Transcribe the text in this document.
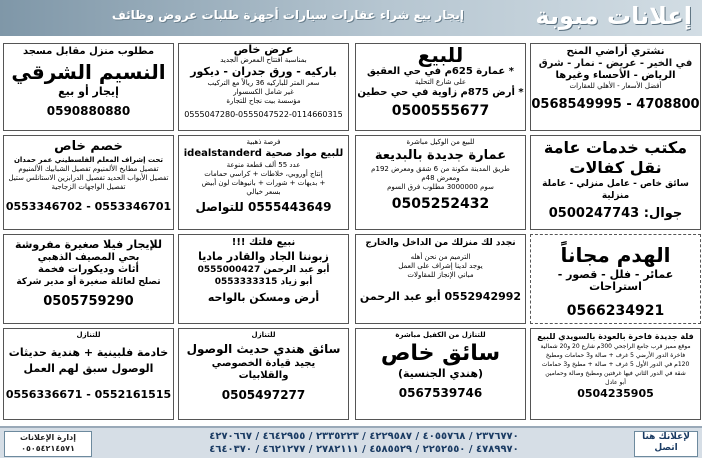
إعلانات مبوبة
إيجار بيع شراء عقارات سيارات أجهزة طلبات عروض وظائف

نشتري أراضي المنح

في الخير - عريض - نمار - شرق

الرياض - الأحساء وغيرها

أفضل الأسعار - الأهلي للعقارات

0568549995 - 4708800

للبيع

* عمارة 625م في حي العقيق

على شارع التحلية

* أرض 875م زاوية في حي حطين

0500555677

عرض خاص

بمناسبة افتتاح المعرض الجديد

باركيه - ورق جدران - ديكور

سعر المتر للباركيه 36 ريالاً مع التركيب

غير شامل الكسسوار

مؤسسة بيت نجاح للتجارة

0555047280-0555047522-0114660315

مطلوب منزل مقابل مسجد

النسيم الشرقي

إيجار أو بيع

0590880880

مكتب خدمات عامة

نقل كفالات

سائق خاص - عامل منزلي - عاملة منزلية

جوال: 0500247743

للبيع من الوكيل مباشرة

عمارة جديدة بالبديعة

طريق المدينة مكونة من 6 شقق ومعرض 192م

ومعرض 48م

سوم 3000000 مطلوب فرق السوم

0505252432

فرصة ذهبية

للبيع مواد صحية idealstanderd

عدد 55 ألف قطعة منوعة

إنتاج أوروبي، خلاطات + كراسي حمامات

+ بديهات + شورات + بانيوهات لون أبيض

بسعر خيالي

0555443649 للتواصل

خصم خاص

تحت إشراف المعلم الفلسطيني عمر حمدان

تفصيل مطابخ الألمنيوم تفصيل الشبابيك الألمنيوم

تفصيل الأبواب الحديد تفصيل الدرابزين الاستانلس ستيل

تفصيل الواجهات الزجاجية

0553346702 - 0553346701

الهدم مجاناً

عمائر - فلل - قصور - استراحات

0566234921

نجدد لك منزلك من الداخل والخارج

الترميم من نحن أهله

يوجد لدينا إشراف على العمل

مباني الإنجاز للمقاولات

0552942992 أبو عبد الرحمن

نبيع فلتك !!!

زبوننا الجاد والقادر ماديا

أبو عبد الرحمن 0555000427

أبو زياد 0553333315

أرض ومسكن بالواحه

للإيجار فيلا صغيرة مفروشة

بحي المصيف الذهبي

أثاث وديكورات فخمة

تصلح لعائلة صغيرة أو مدير شركة

0505759290

فلة جديدة فاخرة بالعودة بالسويدي للبيع

موقع مميز قرب جامع الراجحي 300م شارع 20 و20 شمالية

فاخرة الدور الأرضي 5 غرف + صالة و3 حمامات ومطبخ

120م في الدور الأول 5 غرف + صالة + مطبخ و3 حمامات

شقة في الدور الثاني فيها غرفتين ومطبخ وصالة وحمامين

أبو عادل

0504235905

للتنازل من الكفيل مباشرة

سائق خاص

(هندي الجنسية)

0567539746

للتنازل

سائق هندي حديث الوصول

يجيد قيادة الخصوصي

والقلابيات

0505497277

للتنازل

خادمة فلبينية + هندية حديثات

الوصول سبق لهم العمل

0556336671 - 0552161515

إدارة الإعلانات
٠٥٠٥٤٢١٤٥٧١
٢٣٧٦٧٧٠ / ٤٠٥٥٧٦٨ / ٤٢٢٩٥٨٧ / ٢٣٣٥٢٢٣ / ٤٦٤٢٩٥٥ / ٤٢٧٠٦٦٧
٤٧٨٩٩٧٠ / ٢٢٥٢٥٥٠ / ٤٥٨٥٥٢٩ / ٢٧٨٢١١١ / ٤٦٢١٢٧٧ / ٤٦٤٠٣٧٠
لإعلانك هنا
اتصل
